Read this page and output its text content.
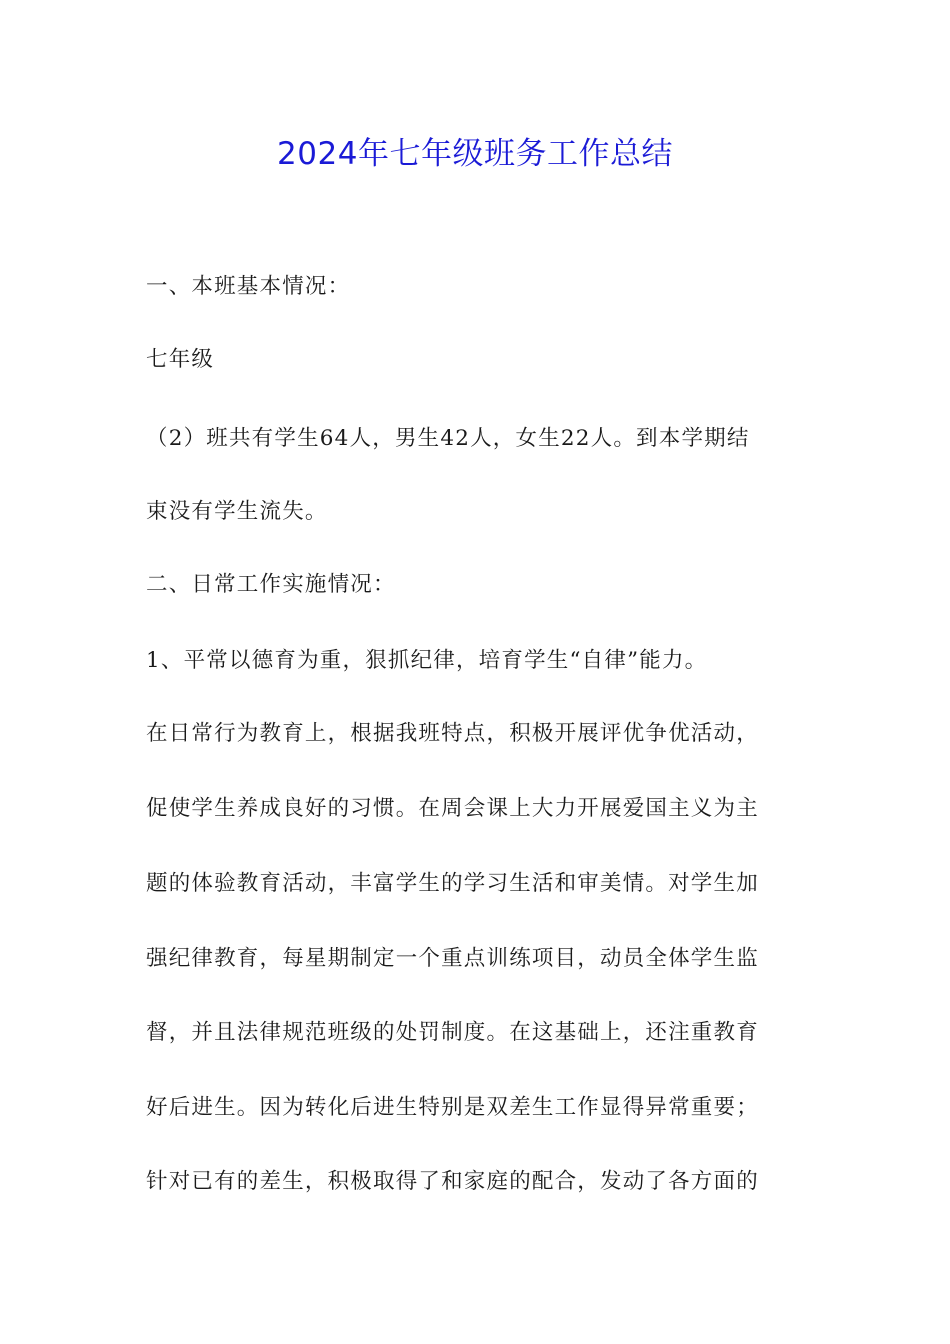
2024年七年级班务工作总结

一、本班基本情况：

七年级

（2）班共有学生64人，男生42人，女生22人。到本学期结

束没有学生流失。

二、日常工作实施情况：

1、平常以德育为重，狠抓纪律，培育学生“自律”能力。

在日常行为教育上，根据我班特点，积极开展评优争优活动，

促使学生养成良好的习惯。在周会课上大力开展爱国主义为主

题的体验教育活动，丰富学生的学习生活和审美情。对学生加

强纪律教育，每星期制定一个重点训练项目，动员全体学生监

督，并且法律规范班级的处罚制度。在这基础上，还注重教育

好后进生。因为转化后进生特别是双差生工作显得异常重要；

针对已有的差生，积极取得了和家庭的配合，发动了各方面的
